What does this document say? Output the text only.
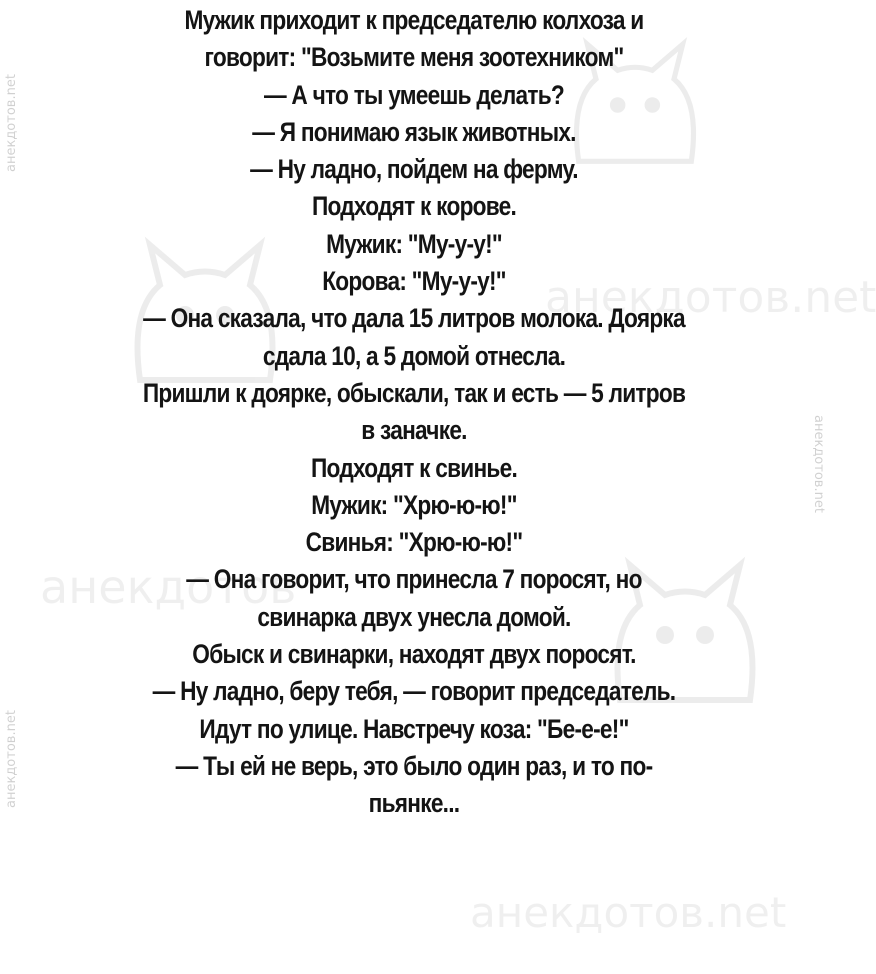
анекдотов.net
анекдотов.net
анекдотов.net
анекдотов.net
анекдотов
анекдотов.net
Мужик приходит к председателю колхоза и
говорит: "Возьмите меня зоотехником"
— А что ты умеешь делать?
— Я понимаю язык животных.
— Ну ладно, пойдем на ферму.
Подходят к корове.
Мужик: "Му-у-у!"
Корова: "Му-у-у!"
— Она сказала, что дала 15 литров молока. Доярка
сдала 10, а 5 домой отнесла.
Пришли к доярке, обыскали, так и есть — 5 литров
в заначке.
Подходят к свинье.
Мужик: "Хрю-ю-ю!"
Свинья: "Хрю-ю-ю!"
— Она говорит, что принесла 7 поросят, но
свинарка двух унесла домой.
Обыск и свинарки, находят двух поросят.
— Ну ладно, беру тебя, — говорит председатель.
Идут по улице. Навстречу коза: "Бе-е-е!"
— Ты ей не верь, это было один раз, и то по-
пьянке...
